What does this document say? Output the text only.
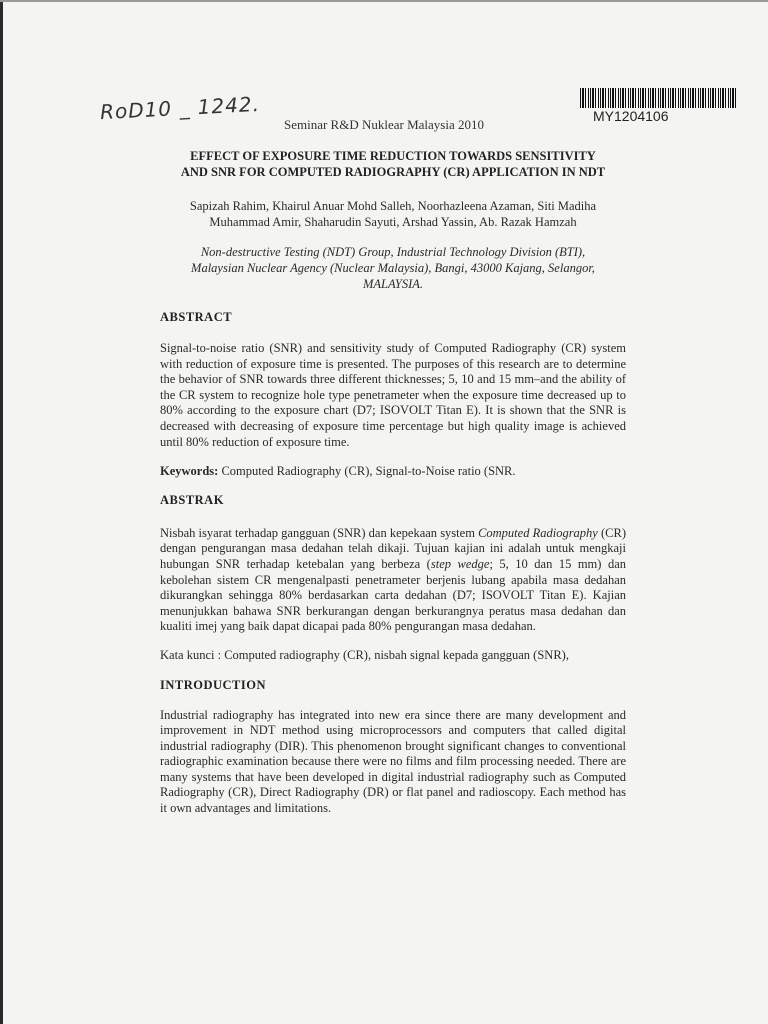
RoD10 _ 1242.	MY1204106
Seminar R&D Nuklear Malaysia 2010

EFFECT OF EXPOSURE TIME REDUCTION TOWARDS SENSITIVITY
AND SNR FOR COMPUTED RADIOGRAPHY (CR) APPLICATION IN NDT

Sapizah Rahim, Khairul Anuar Mohd Salleh, Noorhazleena Azaman, Siti Madiha
Muhammad Amir, Shaharudin Sayuti, Arshad Yassin, Ab. Razak Hamzah

Non-destructive Testing (NDT) Group, Industrial Technology Division (BTI),
Malaysian Nuclear Agency (Nuclear Malaysia), Bangi, 43000 Kajang, Selangor,
MALAYSIA.

ABSTRACT

Signal-to-noise ratio (SNR) and sensitivity study of Computed Radiography (CR) system with reduction of exposure time is presented. The purposes of this research are to determine the behavior of SNR towards three different thicknesses; 5, 10 and 15 mm–and the ability of the CR system to recognize hole type penetrameter when the exposure time decreased up to 80% according to the exposure chart (D7; ISOVOLT Titan E). It is shown that the SNR is decreased with decreasing of exposure time percentage but high quality image is achieved until 80% reduction of exposure time.

Keywords: Computed Radiography (CR), Signal-to-Noise ratio (SNR.

ABSTRAK

Nisbah isyarat terhadap gangguan (SNR) dan kepekaan system Computed Radiography (CR) dengan pengurangan masa dedahan telah dikaji. Tujuan kajian ini adalah untuk mengkaji hubungan SNR terhadap ketebalan yang berbeza (step wedge; 5, 10 dan 15 mm) dan kebolehan sistem CR mengenalpasti penetrameter berjenis lubang apabila masa dedahan dikurangkan sehingga 80% berdasarkan carta dedahan (D7; ISOVOLT Titan E). Kajian menunjukkan bahawa SNR berkurangan dengan berkurangnya peratus masa dedahan dan kualiti imej yang baik dapat dicapai pada 80% pengurangan masa dedahan.

Kata kunci : Computed radiography (CR), nisbah signal kepada gangguan (SNR),

INTRODUCTION

Industrial radiography has integrated into new era since there are many development and improvement in NDT method using microprocessors and computers that called digital industrial radiography (DIR). This phenomenon brought significant changes to conventional radiographic examination because there were no films and film processing needed. There are many systems that have been developed in digital industrial radiography such as Computed Radiography (CR), Direct Radiography (DR) or flat panel and radioscopy. Each method has it own advantages and limitations.
